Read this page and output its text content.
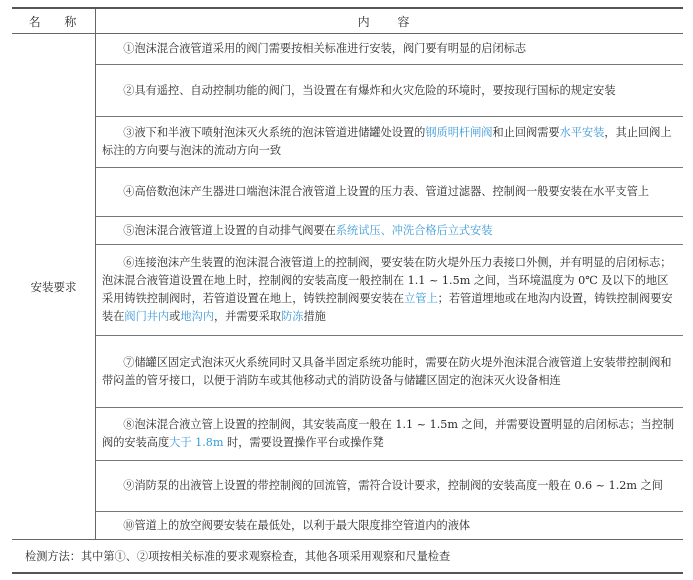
名 称	内 容
安装要求
①泡沫混合液管道采用的阀门需要按相关标准进行安装，阀门要有明显的启闭标志
②具有遥控、自动控制功能的阀门，当设置在有爆炸和火灾危险的环境时，要按现行国标的规定安装
③液下和半液下喷射泡沫灭火系统的泡沫管道进储罐处设置的钢质明杆闸阀和止回阀需要水平安装，其止回阀上标注的方向要与泡沫的流动方向一致
④高倍数泡沫产生器进口端泡沫混合液管道上设置的压力表、管道过滤器、控制阀一般要安装在水平支管上
⑤泡沫混合液管道上设置的自动排气阀要在系统试压、冲洗合格后立式安装
⑥连接泡沫产生装置的泡沫混合液管道上的控制阀，要安装在防火堤外压力表接口外侧，并有明显的启闭标志；泡沫混合液管道设置在地上时，控制阀的安装高度一般控制在 1.1 ~ 1.5m 之间，当环境温度为 0℃ 及以下的地区采用铸铁控制阀时，若管道设置在地上，铸铁控制阀要安装在立管上；若管道埋地或在地沟内设置，铸铁控制阀要安装在阀门井内或地沟内，并需要采取防冻措施
⑦储罐区固定式泡沫灭火系统同时又具备半固定系统功能时，需要在防火堤外泡沫混合液管道上安装带控制阀和带闷盖的管牙接口，以便于消防车或其他移动式的消防设备与储罐区固定的泡沫灭火设备相连
⑧泡沫混合液立管上设置的控制阀，其安装高度一般在 1.1 ~ 1.5m 之间，并需要设置明显的启闭标志；当控制阀的安装高度大于 1.8m 时，需要设置操作平台或操作凳
⑨消防泵的出液管上设置的带控制阀的回流管，需符合设计要求，控制阀的安装高度一般在 0.6 ~ 1.2m 之间
⑩管道上的放空阀要安装在最低处，以利于最大限度排空管道内的液体
检测方法：其中第①、②项按相关标准的要求观察检查，其他各项采用观察和尺量检查
